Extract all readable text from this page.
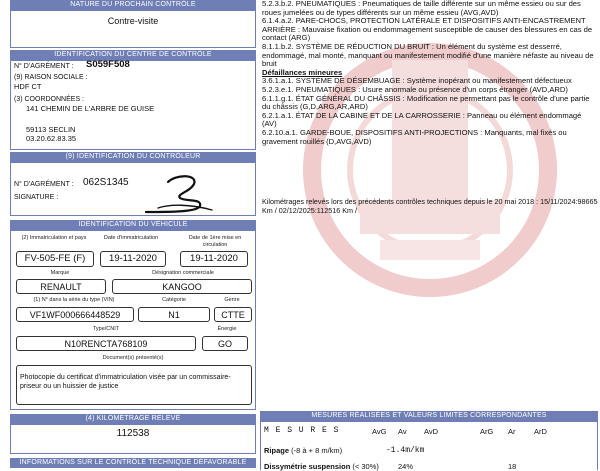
NATURE DU PROCHAIN CONTRÔLE
Contre-visite
IDENTIFICATION DU CENTRE DE CONTRÔLE
N° D'AGRÉMENT : S059F508
(9) RAISON SOCIALE :
HDF CT
(3) COORDONNÉES :
141 CHEMIN DE L'ARBRE DE GUISE
59113 SECLIN
03.20.62.83.35
(9) IDENTIFICATION DU CONTRÔLEUR
N° D'AGRÉMENT : 062S1345
SIGNATURE :
IDENTIFICATION DU VÉHICULE
(2) Immatriculation et pays	Date d'immatriculation	Date de 1ère mise en circulation
FV-505-FE (F)	19-11-2020	19-11-2020
Marque	Désignation commerciale
RENAULT	KANGOO
(1) N° dans la série du type (VIN)	Catégorie	Genre
VF1WF000666448529	N1	CTTE
Type/CNIT	Énergie
N10RENCTA768109	GO
Document(s) présenté(s)
Photocopie du certificat d'immatriculation visée par un commissaire-priseur ou un huissier de justice
(4) KILOMÉTRAGE RELEVÉ
112538
INFORMATIONS SUR LE CONTRÔLE TECHNIQUE DÉFAVORABLE
5.2.3.b.2. PNEUMATIQUES : Pneumatiques de taille différente sur un même essieu ou sur des roues jumelées ou de types différents sur un même essieu (AVG,AVD)
6.1.4.a.2. PARE-CHOCS, PROTECTION LATÉRALE ET DISPOSITIFS ANTI-ENCASTREMENT ARRIÈRE : Mauvaise fixation ou endommagement susceptible de causer des blessures en cas de contact (ARG)
8.1.1.b.2. SYSTÈME DE RÉDUCTION DU BRUIT : Un élément du système est desserré, endommagé, mal monté, manquant ou manifestement modifié d'une manière néfaste au niveau de bruit
Défaillances mineures
3.6.1.a.1. SYSTÈME DE DÉSEMBUAGE : Système inopérant ou manifestement défectueux
5.2.3.e.1. PNEUMATIQUES : Usure anormale ou présence d'un corps étranger (AVD,ARD)
6.1.1.g.1. ÉTAT GÉNÉRAL DU CHÂSSIS : Modification ne permettant pas le contrôle d'une partie du châssis (G,D,ARG,AR,ARD)
6.2.1.a.1. ÉTAT DE LA CABINE ET DE LA CARROSSERIE : Panneau ou élément endommagé (AV)
6.2.10.a.1. GARDE-BOUE, DISPOSITIFS ANTI-PROJECTIONS : Manquants, mal fixés ou gravement rouillés (D,AVG,AVD)
Kilométrages relevés lors des précédents contrôles techniques depuis le 20 mai 2018 : 15/11/2024:98665 Km / 02/12/2025:112516 Km /
MESURES RÉALISÉES ET VALEURS LIMITES CORRESPONDANTES
M E S U R E S	AvG Av AvD	ArG Ar ArD
Ripage (-8 à + 8 m/km)	-1.4m/km
Dissymétrie suspension (< 30%)	24%	18
